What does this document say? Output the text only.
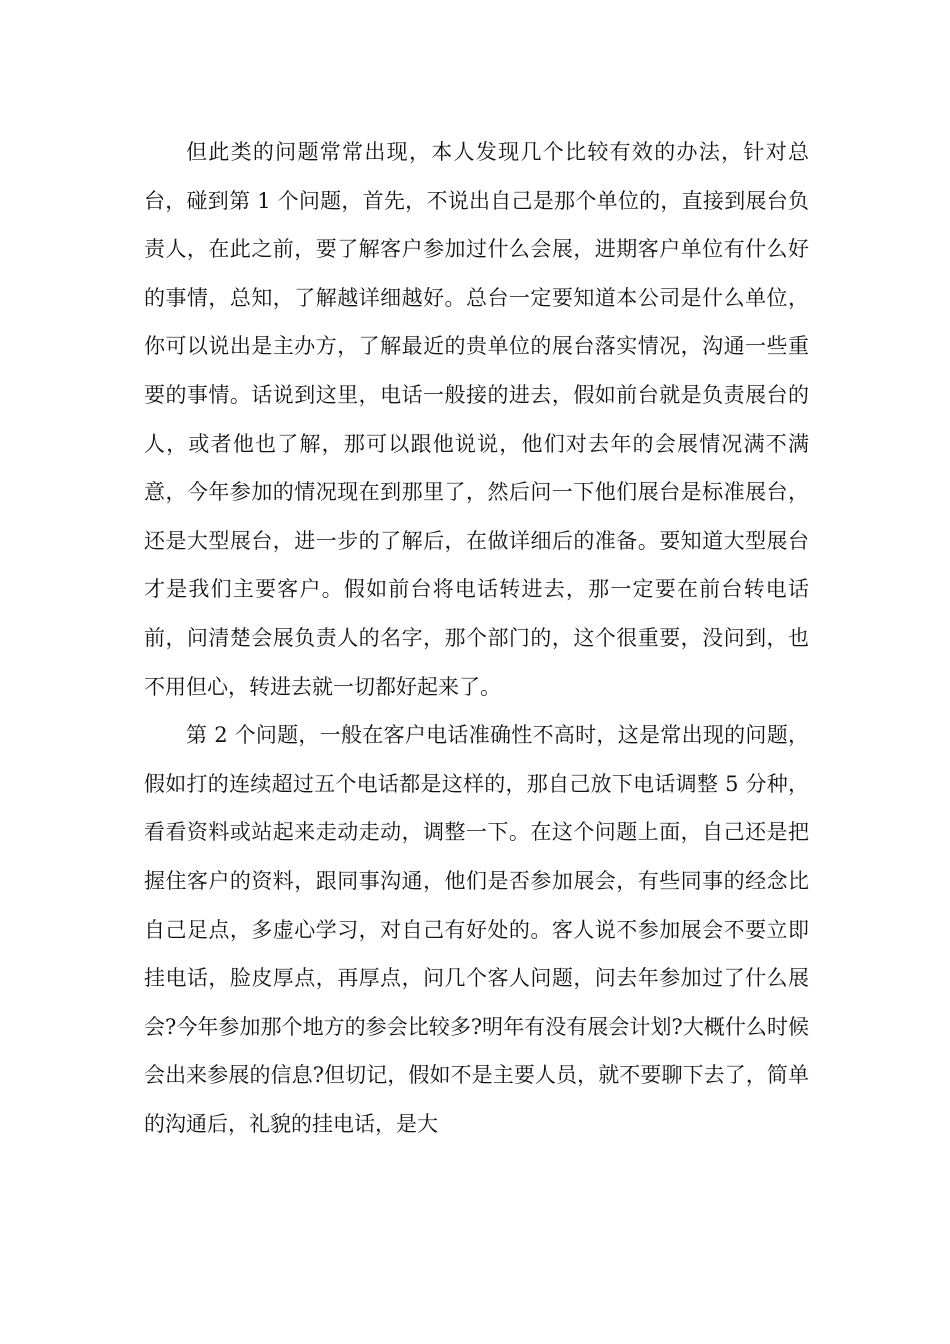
但此类的问题常常出现，本人发现几个比较有效的办法，针对总台，碰到第 1 个问题，首先，不说出自己是那个单位的，直接到展台负责人，在此之前，要了解客户参加过什么会展，进期客户单位有什么好的事情，总知，了解越详细越好。总台一定要知道本公司是什么单位，你可以说出是主办方，了解最近的贵单位的展台落实情况，沟通一些重要的事情。话说到这里，电话一般接的进去，假如前台就是负责展台的人，或者他也了解，那可以跟他说说，他们对去年的会展情况满不满意，今年参加的情况现在到那里了，然后问一下他们展台是标准展台，还是大型展台，进一步的了解后，在做详细后的准备。要知道大型展台才是我们主要客户。假如前台将电话转进去，那一定要在前台转电话前，问清楚会展负责人的名字，那个部门的，这个很重要，没问到，也不用但心，转进去就一切都好起来了。

第 2 个问题，一般在客户电话准确性不高时，这是常出现的问题，假如打的连续超过五个电话都是这样的，那自己放下电话调整 5 分种，看看资料或站起来走动走动，调整一下。在这个问题上面，自己还是把握住客户的资料，跟同事沟通，他们是否参加展会，有些同事的经念比自己足点，多虚心学习，对自己有好处的。客人说不参加展会不要立即挂电话，脸皮厚点，再厚点，问几个客人问题，问去年参加过了什么展会?今年参加那个地方的参会比较多?明年有没有展会计划?大概什么时候会出来参展的信息?但切记，假如不是主要人员，就不要聊下去了，简单的沟通后，礼貌的挂电话，是大
